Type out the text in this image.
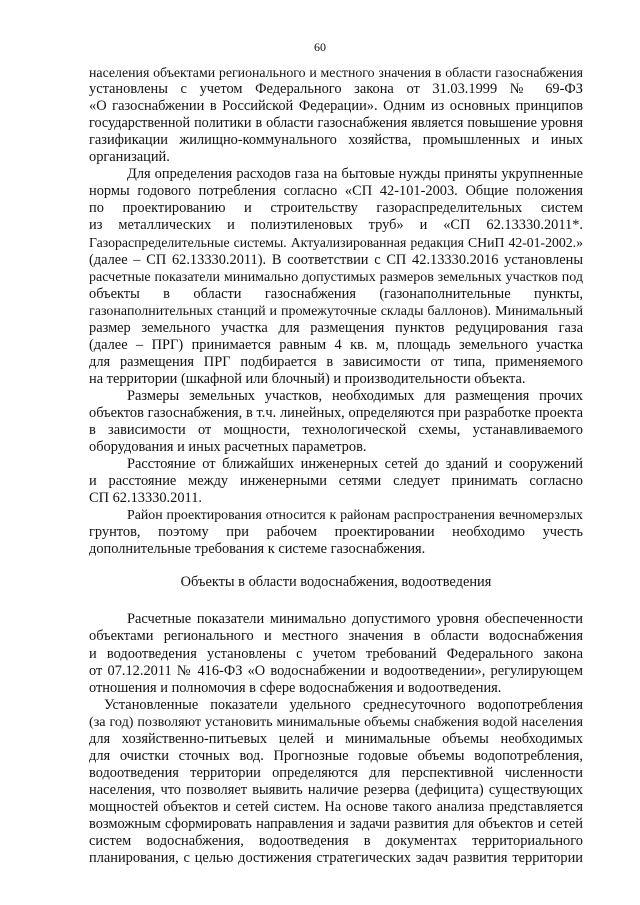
60

населения объектами регионального и местного значения в области газоснабжения

установлены с учетом Федерального закона от 31.03.1999 № 69-ФЗ

«О газоснабжении в Российской Федерации». Одним из основных принципов

государственной политики в области газоснабжения является повышение уровня

газификации жилищно-коммунального хозяйства, промышленных и иных

организаций.

Для определения расходов газа на бытовые нужды приняты укрупненные

нормы годового потребления согласно «СП 42-101-2003. Общие положения

по проектированию и строительству газораспределительных систем

из металлических и полиэтиленовых труб» и «СП 62.13330.2011*.

Газораспределительные системы. Актуализированная редакция СНиП 42-01-2002.»

(далее – СП 62.13330.2011). В соответствии с СП 42.13330.2016 установлены

расчетные показатели минимально допустимых размеров земельных участков под

объекты в области газоснабжения (газонаполнительные пункты,

газонаполнительных станций и промежуточные склады баллонов). Минимальный

размер земельного участка для размещения пунктов редуцирования газа

(далее – ПРГ) принимается равным 4 кв. м, площадь земельного участка

для размещения ПРГ подбирается в зависимости от типа, применяемого

на территории (шкафной или блочный) и производительности объекта.

Размеры земельных участков, необходимых для размещения прочих

объектов газоснабжения, в т.ч. линейных, определяются при разработке проекта

в зависимости от мощности, технологической схемы, устанавливаемого

оборудования и иных расчетных параметров.

Расстояние от ближайших инженерных сетей до зданий и сооружений

и расстояние между инженерными сетями следует принимать согласно

СП 62.13330.2011.

Район проектирования относится к районам распространения вечномерзлых

грунтов, поэтому при рабочем проектировании необходимо учесть

дополнительные требования к системе газоснабжения.

Объекты в области водоснабжения, водоотведения

Расчетные показатели минимально допустимого уровня обеспеченности

объектами регионального и местного значения в области водоснабжения

и водоотведения установлены с учетом требований Федерального закона

от 07.12.2011 № 416-ФЗ «О водоснабжении и водоотведении», регулирующем

отношения и полномочия в сфере водоснабжения и водоотведения.

Установленные показатели удельного среднесуточного водопотребления

(за год) позволяют установить минимальные объемы снабжения водой населения

для хозяйственно-питьевых целей и минимальные объемы необходимых

для очистки сточных вод. Прогнозные годовые объемы водопотребления,

водоотведения территории определяются для перспективной численности

населения, что позволяет выявить наличие резерва (дефицита) существующих

мощностей объектов и сетей систем. На основе такого анализа представляется

возможным сформировать направления и задачи развития для объектов и сетей

систем водоснабжения, водоотведения в документах территориального

планирования, с целью достижения стратегических задач развития территории
